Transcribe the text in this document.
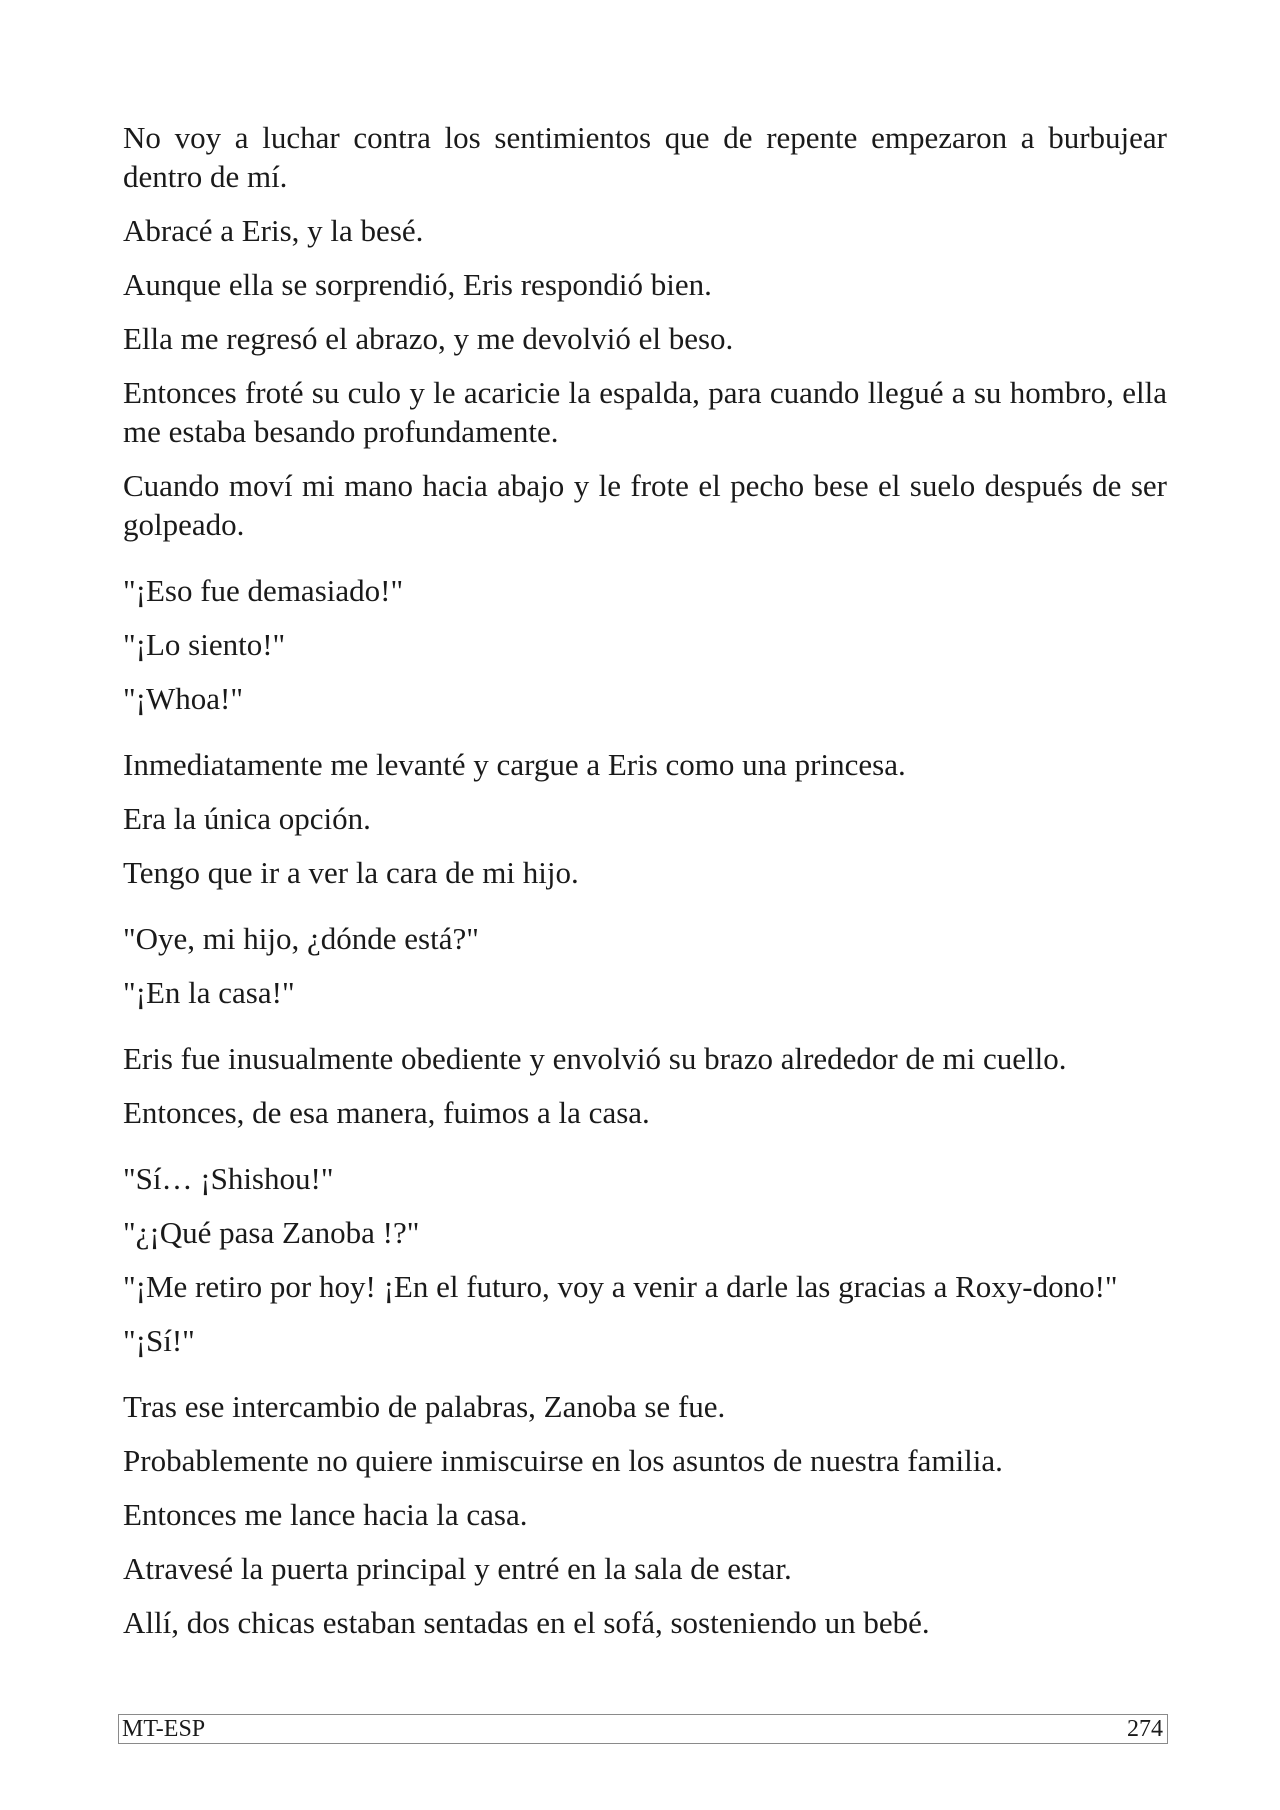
No voy a luchar contra los sentimientos que de repente empezaron a burbujear dentro de mí.

Abracé a Eris, y la besé.

Aunque ella se sorprendió, Eris respondió bien.

Ella me regresó el abrazo, y me devolvió el beso.

Entonces froté su culo y le acaricie la espalda, para cuando llegué a su hombro, ella me estaba besando profundamente.

Cuando moví mi mano hacia abajo y le frote el pecho bese el suelo después de ser golpeado.

"¡Eso fue demasiado!"

"¡Lo siento!"

"¡Whoa!"

Inmediatamente me levanté y cargue a Eris como una princesa.

Era la única opción.

Tengo que ir a ver la cara de mi hijo.

"Oye, mi hijo, ¿dónde está?"

"¡En la casa!"

Eris fue inusualmente obediente y envolvió su brazo alrededor de mi cuello.

Entonces, de esa manera, fuimos a la casa.

"Sí… ¡Shishou!"

"¿¡Qué pasa Zanoba !?"

"¡Me retiro por hoy! ¡En el futuro, voy a venir a darle las gracias a Roxy-dono!"

"¡Sí!"

Tras ese intercambio de palabras, Zanoba se fue.

Probablemente no quiere inmiscuirse en los asuntos de nuestra familia.

Entonces me lance hacia la casa.

Atravesé la puerta principal y entré en la sala de estar.

Allí, dos chicas estaban sentadas en el sofá, sosteniendo un bebé.

MT-ESP	274
